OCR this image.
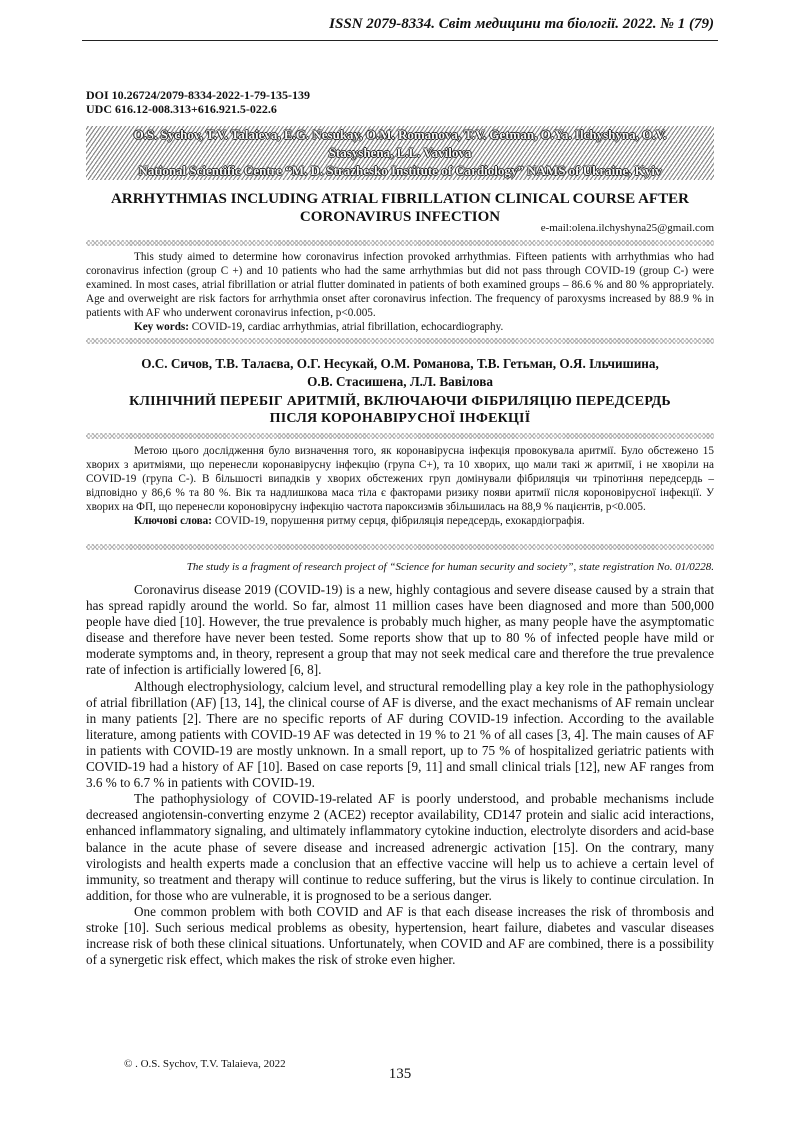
ISSN 2079-8334. Світ медицини та біології. 2022. № 1 (79)
DOI 10.26724/2079-8334-2022-1-79-135-139
UDC 616.12-008.313+616.921.5-022.6
O.S. Sychov, T.V. Talaieva, E.G. Nesukay, O.M. Romanova, T.V. Getman, O.Ya. Ilchyshyna, O.V.
Stasyshena, L.L. Vavilova
National Scientific Centre “M. D. Strazhesko Institute of Cardiology” NAMS of Ukraine, Kyiv
ARRHYTHMIAS INCLUDING ATRIAL FIBRILLATION CLINICAL COURSE AFTER
CORONAVIRUS INFECTION
e-mail:olena.ilchyshyna25@gmail.com

This study aimed to determine how coronavirus infection provoked arrhythmias. Fifteen patients with arrhythmias who had coronavirus infection (group C +) and 10 patients who had the same arrhythmias but did not pass through COVID-19 (group C-) were examined. In most cases, atrial fibrillation or atrial flutter dominated in patients of both examined groups – 86.6 % and 80 % appropriately. Age and overweight are risk factors for arrhythmia onset after coronavirus infection. The frequency of paroxysms increased by 88.9 % in patients with AF who underwent coronavirus infection, p<0.005.

Key words: COVID-19, cardiac arrhythmias, atrial fibrillation, echocardiography.

О.С. Сичов, Т.В. Талаєва, О.Г. Несукай, О.М. Романова, Т.В. Гетьман, О.Я. Ільчишина,
О.В. Стасишена, Л.Л. Вавілова
КЛІНІЧНИЙ ПЕРЕБІГ АРИТМІЙ, ВКЛЮЧАЮЧИ ФІБРИЛЯЦІЮ ПЕРЕДСЕРДЬ
ПІСЛЯ КОРОНАВІРУСНОЇ ІНФЕКЦІЇ

Метою цього дослідження було визначення того, як коронавірусна інфекція провокувала аритмії. Було обстежено 15 хворих з аритміями, що перенесли коронавірусну інфекцію (група С+), та 10 хворих, що мали такі ж аритмії, і не хворіли на COVID-19 (група С-). В більшості випадків у хворих обстежених груп домінували фібриляція чи тріпотіння передсердь – відповідно у 86,6 % та 80 %. Вік та надлишкова маса тіла є факторами ризику появи аритмії після короновірусної інфекції. У хворих на ФП, що перенесли короновірусну інфекцію частота пароксизмів збільшилась на 88,9 % пацієнтів, р<0.005.

Ключові слова: COVID-19, порушення ритму серця, фібриляція передсердь, ехокардіографія.

The study is a fragment of research project of “Science for human security and society”, state registration No. 01/0228.

Coronavirus disease 2019 (COVID-19) is a new, highly contagious and severe disease caused by a strain that has spread rapidly around the world. So far, almost 11 million cases have been diagnosed and more than 500,000 people have died [10]. However, the true prevalence is probably much higher, as many people have the asymptomatic disease and therefore have never been tested. Some reports show that up to 80 % of infected people have mild or moderate symptoms and, in theory, represent a group that may not seek medical care and therefore the true prevalence rate of infection is artificially lowered [6, 8].

Although electrophysiology, calcium level, and structural remodelling play a key role in the pathophysiology of atrial fibrillation (AF) [13, 14], the clinical course of AF is diverse, and the exact mechanisms of AF remain unclear in many patients [2]. There are no specific reports of AF during COVID-19 infection. According to the available literature, among patients with COVID-19 AF was detected in 19 % to 21 % of all cases [3, 4]. The main causes of AF in patients with COVID-19 are mostly unknown. In a small report, up to 75 % of hospitalized geriatric patients with COVID-19 had a history of AF [10]. Based on case reports [9, 11] and small clinical trials [12], new AF ranges from 3.6 % to 6.7 % in patients with COVID-19.

The pathophysiology of COVID-19-related AF is poorly understood, and probable mechanisms include decreased angiotensin-converting enzyme 2 (ACE2) receptor availability, CD147 protein and sialic acid interactions, enhanced inflammatory signaling, and ultimately inflammatory cytokine induction, electrolyte disorders and acid-base balance in the acute phase of severe disease and increased adrenergic activation [15]. On the contrary, many virologists and health experts made a conclusion that an effective vaccine will help us to achieve a certain level of immunity, so treatment and therapy will continue to reduce suffering, but the virus is likely to continue circulation. In addition, for those who are vulnerable, it is prognosed to be a serious danger.

One common problem with both COVID and AF is that each disease increases the risk of thrombosis and stroke [10]. Such serious medical problems as obesity, hypertension, heart failure, diabetes and vascular diseases increase risk of both these clinical situations. Unfortunately, when COVID and AF are combined, there is a possibility of a synergetic risk effect, which makes the risk of stroke even higher.

© . O.S. Sychov, T.V. Talaieva, 2022
135
